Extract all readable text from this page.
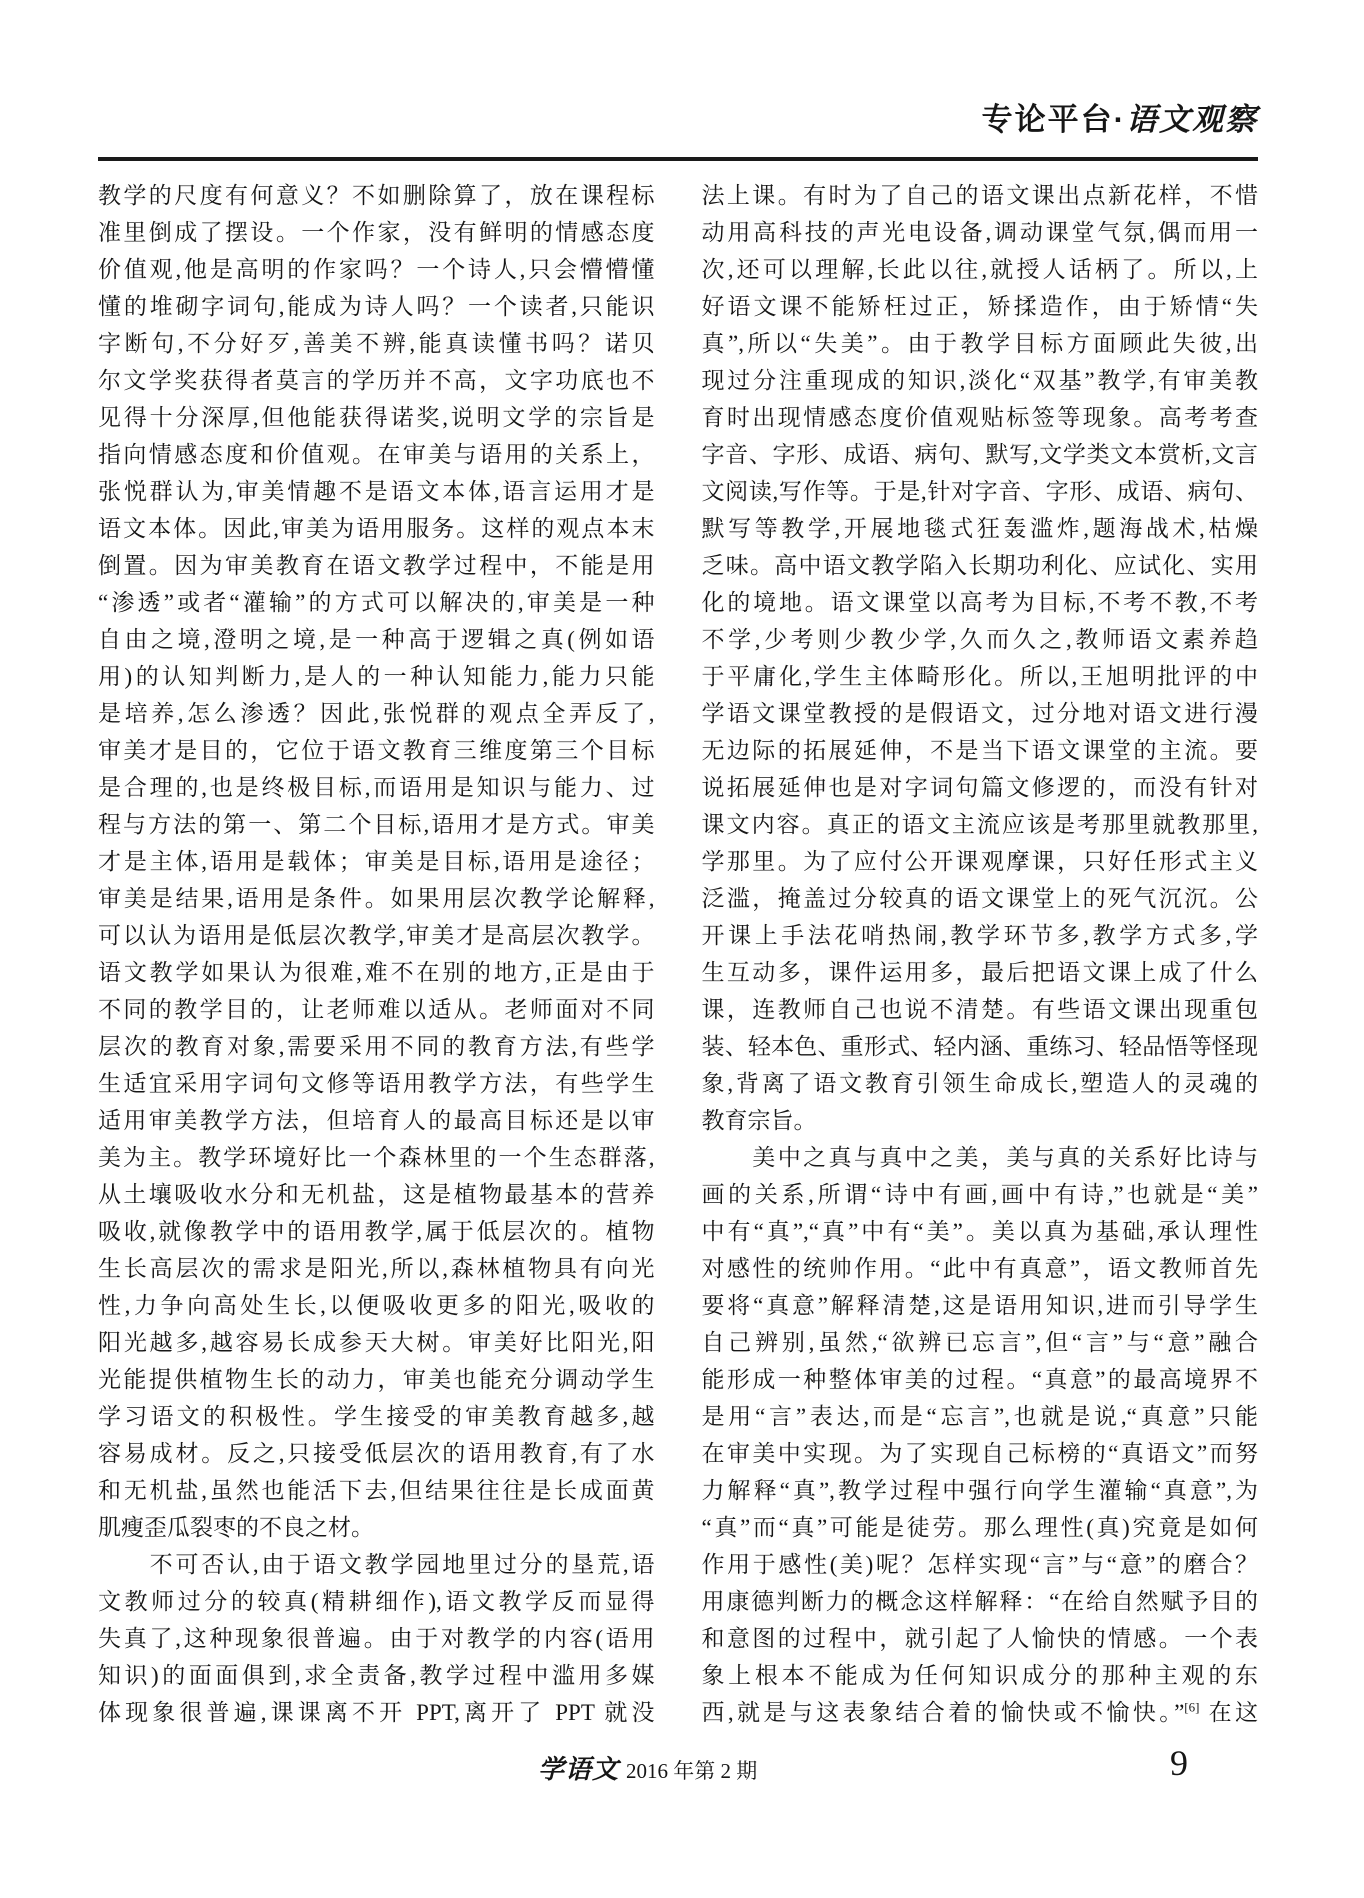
专论平台·语文观察
教学的尺度有何意义？不如删除算了，放在课程标
准里倒成了摆设。一个作家，没有鲜明的情感态度
价值观,他是高明的作家吗？一个诗人,只会懵懵懂
懂的堆砌字词句,能成为诗人吗？一个读者,只能识
字断句,不分好歹,善美不辨,能真读懂书吗？诺贝
尔文学奖获得者莫言的学历并不高，文字功底也不
见得十分深厚,但他能获得诺奖,说明文学的宗旨是
指向情感态度和价值观。在审美与语用的关系上，
张悦群认为,审美情趣不是语文本体,语言运用才是
语文本体。因此,审美为语用服务。这样的观点本末
倒置。因为审美教育在语文教学过程中，不能是用
“渗透”或者“灌输”的方式可以解决的,审美是一种
自由之境,澄明之境,是一种高于逻辑之真(例如语
用)的认知判断力,是人的一种认知能力,能力只能
是培养,怎么渗透？因此,张悦群的观点全弄反了,
审美才是目的，它位于语文教育三维度第三个目标
是合理的,也是终极目标,而语用是知识与能力、过
程与方法的第一、第二个目标,语用才是方式。审美
才是主体,语用是载体；审美是目标,语用是途径；
审美是结果,语用是条件。如果用层次教学论解释,
可以认为语用是低层次教学,审美才是高层次教学。
语文教学如果认为很难,难不在别的地方,正是由于
不同的教学目的，让老师难以适从。老师面对不同
层次的教育对象,需要采用不同的教育方法,有些学
生适宜采用字词句文修等语用教学方法，有些学生
适用审美教学方法，但培育人的最高目标还是以审
美为主。教学环境好比一个森林里的一个生态群落,
从土壤吸收水分和无机盐，这是植物最基本的营养
吸收,就像教学中的语用教学,属于低层次的。植物
生长高层次的需求是阳光,所以,森林植物具有向光
性,力争向高处生长,以便吸收更多的阳光,吸收的
阳光越多,越容易长成参天大树。审美好比阳光,阳
光能提供植物生长的动力，审美也能充分调动学生
学习语文的积极性。学生接受的审美教育越多,越
容易成材。反之,只接受低层次的语用教育,有了水
和无机盐,虽然也能活下去,但结果往往是长成面黄
肌瘦歪瓜裂枣的不良之材。
　　不可否认,由于语文教学园地里过分的垦荒,语
文教师过分的较真(精耕细作),语文教学反而显得
失真了,这种现象很普遍。由于对教学的内容(语用
知识)的面面俱到,求全责备,教学过程中滥用多媒
体现象很普遍,课课离不开 PPT,离开了 PPT 就没
法上课。有时为了自己的语文课出点新花样，不惜
动用高科技的声光电设备,调动课堂气氛,偶而用一
次,还可以理解,长此以往,就授人话柄了。所以,上
好语文课不能矫枉过正，矫揉造作，由于矫情“失
真”,所以“失美”。由于教学目标方面顾此失彼,出
现过分注重现成的知识,淡化“双基”教学,有审美教
育时出现情感态度价值观贴标签等现象。高考考查
字音、字形、成语、病句、默写,文学类文本赏析,文言
文阅读,写作等。于是,针对字音、字形、成语、病句、
默写等教学,开展地毯式狂轰滥炸,题海战术,枯燥
乏味。高中语文教学陷入长期功利化、应试化、实用
化的境地。语文课堂以高考为目标,不考不教,不考
不学,少考则少教少学,久而久之,教师语文素养趋
于平庸化,学生主体畸形化。所以,王旭明批评的中
学语文课堂教授的是假语文，过分地对语文进行漫
无边际的拓展延伸，不是当下语文课堂的主流。要
说拓展延伸也是对字词句篇文修逻的，而没有针对
课文内容。真正的语文主流应该是考那里就教那里,
学那里。为了应付公开课观摩课，只好任形式主义
泛滥，掩盖过分较真的语文课堂上的死气沉沉。公
开课上手法花哨热闹,教学环节多,教学方式多,学
生互动多，课件运用多，最后把语文课上成了什么
课，连教师自己也说不清楚。有些语文课出现重包
装、轻本色、重形式、轻内涵、重练习、轻品悟等怪现
象,背离了语文教育引领生命成长,塑造人的灵魂的
教育宗旨。
　　美中之真与真中之美，美与真的关系好比诗与
画的关系,所谓“诗中有画,画中有诗,”也就是“美”
中有“真”,“真”中有“美”。美以真为基础,承认理性
对感性的统帅作用。“此中有真意”，语文教师首先
要将“真意”解释清楚,这是语用知识,进而引导学生
自己辨别,虽然,“欲辨已忘言”,但“言”与“意”融合
能形成一种整体审美的过程。“真意”的最高境界不
是用“言”表达,而是“忘言”,也就是说,“真意”只能
在审美中实现。为了实现自己标榜的“真语文”而努
力解释“真”,教学过程中强行向学生灌输“真意”,为
“真”而“真”可能是徒劳。那么理性(真)究竟是如何
作用于感性(美)呢？怎样实现“言”与“意”的磨合？
用康德判断力的概念这样解释：“在给自然赋予目的
和意图的过程中，就引起了人愉快的情感。一个表
象上根本不能成为任何知识成分的那种主观的东
西,就是与这表象结合着的愉快或不愉快。”[6] 在这
学语文 2016 年第 2 期	9
